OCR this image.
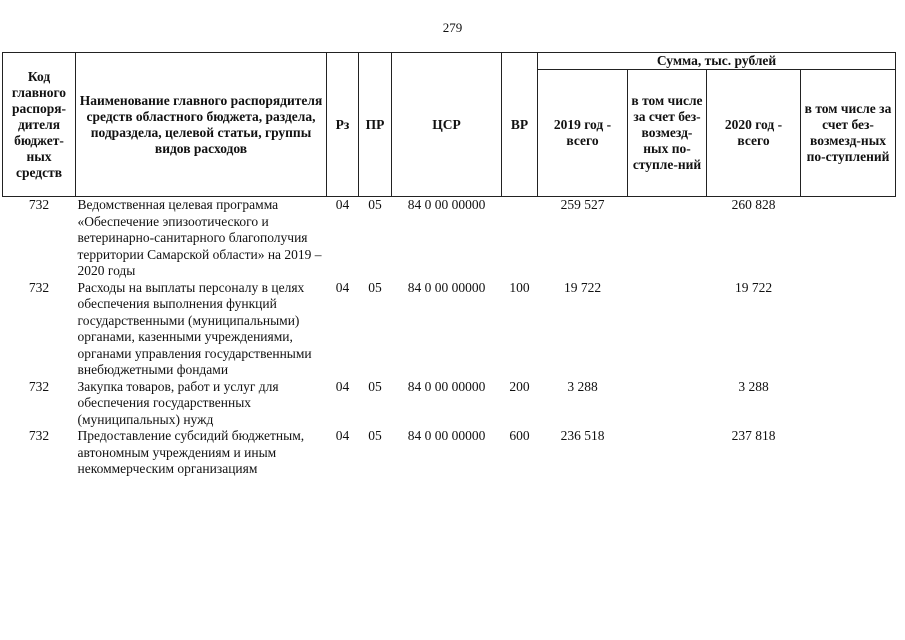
279
Код главного распоря-дителя бюджет-ных средств	Наименование главного распорядителя средств областного бюджета, раздела, подраздела, целевой статьи, группы видов расходов	Рз	ПР	ЦСР	ВР	Сумма, тыс. рублей			
						2019 год - всего	в том числе за счет без-возмезд-ных по-ступле-ний	2020 год - всего	в том числе за счет без-возмезд-ных по-ступлений
732	Ведомственная целевая программа «Обеспечение эпизоотического и ветеринарно-санитарного благополучия территории Самарской области» на 2019 – 2020 годы	04	05	84 0 00 00000		259 527		260 828	
732	Расходы на выплаты персоналу в целях обеспечения выполнения функций государственными (муниципальными) органами, казенными учреждениями, органами управления государственными внебюджетными фондами	04	05	84 0 00 00000	100	19 722		19 722	
732	Закупка товаров, работ и услуг для обеспечения государственных (муниципальных) нужд	04	05	84 0 00 00000	200	3 288		3 288	
732	Предоставление субсидий бюджетным, автономным учреждениям и иным некоммерческим организациям	04	05	84 0 00 00000	600	236 518		237 818	
